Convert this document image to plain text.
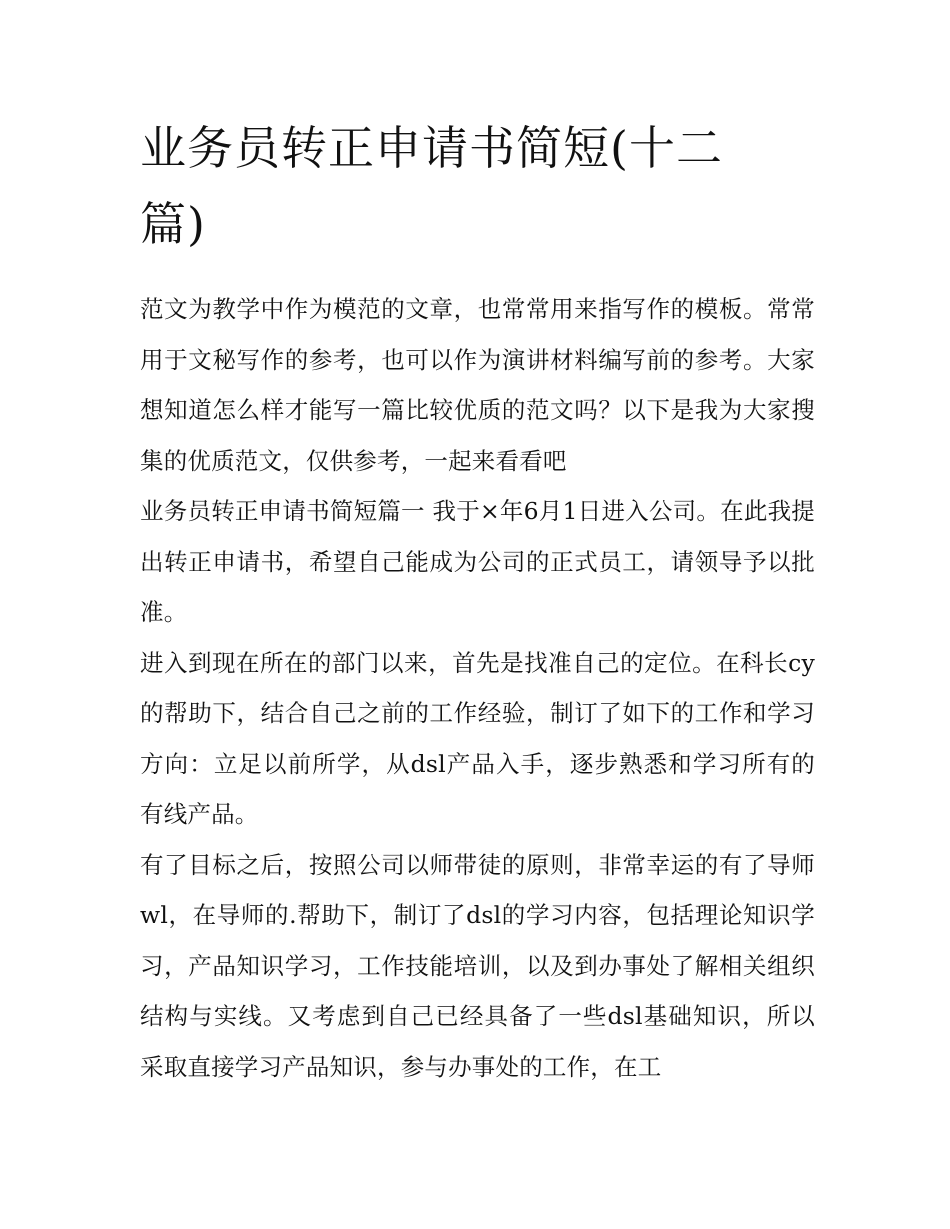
业务员转正申请书简短(十二篇)

范文为教学中作为模范的文章，也常常用来指写作的模板。常常用于文秘写作的参考，也可以作为演讲材料编写前的参考。大家想知道怎么样才能写一篇比较优质的范文吗？以下是我为大家搜集的优质范文，仅供参考，一起来看看吧

业务员转正申请书简短篇一 我于×年6月1日进入公司。在此我提出转正申请书，希望自己能成为公司的正式员工，请领导予以批准。

进入到现在所在的部门以来，首先是找准自己的定位。在科长cy的帮助下，结合自己之前的工作经验，制订了如下的工作和学习方向：立足以前所学，从dsl产品入手，逐步熟悉和学习所有的有线产品。

有了目标之后，按照公司以师带徒的原则，非常幸运的有了导师wl，在导师的.帮助下，制订了dsl的学习内容，包括理论知识学习，产品知识学习，工作技能培训，以及到办事处了解相关组织结构与实线。又考虑到自己已经具备了一些dsl基础知识，所以采取直接学习产品知识，参与办事处的工作，在工
